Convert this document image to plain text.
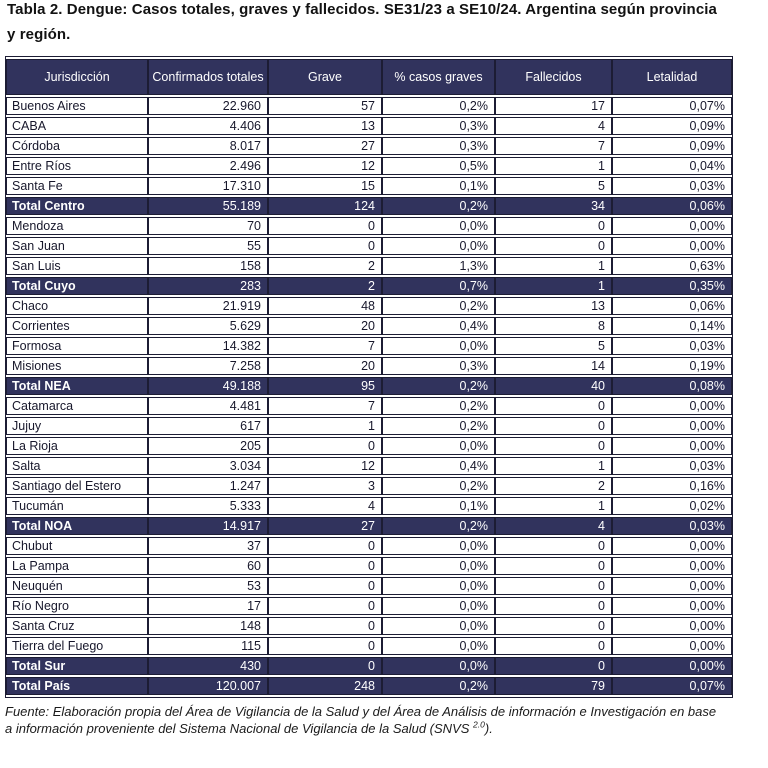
Tabla 2. Dengue: Casos totales, graves y fallecidos. SE31/23 a SE10/24. Argentina según provincia
y región.
Jurisdicción	Confirmados totales	Grave	% casos graves	Fallecidos	Letalidad
Buenos Aires	22.960	57	0,2%	17	0,07%
CABA	4.406	13	0,3%	4	0,09%
Córdoba	8.017	27	0,3%	7	0,09%
Entre Ríos	2.496	12	0,5%	1	0,04%
Santa Fe	17.310	15	0,1%	5	0,03%
Total Centro	55.189	124	0,2%	34	0,06%
Mendoza	70	0	0,0%	0	0,00%
San Juan	55	0	0,0%	0	0,00%
San Luis	158	2	1,3%	1	0,63%
Total Cuyo	283	2	0,7%	1	0,35%
Chaco	21.919	48	0,2%	13	0,06%
Corrientes	5.629	20	0,4%	8	0,14%
Formosa	14.382	7	0,0%	5	0,03%
Misiones	7.258	20	0,3%	14	0,19%
Total NEA	49.188	95	0,2%	40	0,08%
Catamarca	4.481	7	0,2%	0	0,00%
Jujuy	617	1	0,2%	0	0,00%
La Rioja	205	0	0,0%	0	0,00%
Salta	3.034	12	0,4%	1	0,03%
Santiago del Estero	1.247	3	0,2%	2	0,16%
Tucumán	5.333	4	0,1%	1	0,02%
Total NOA	14.917	27	0,2%	4	0,03%
Chubut	37	0	0,0%	0	0,00%
La Pampa	60	0	0,0%	0	0,00%
Neuquén	53	0	0,0%	0	0,00%
Río Negro	17	0	0,0%	0	0,00%
Santa Cruz	148	0	0,0%	0	0,00%
Tierra del Fuego	115	0	0,0%	0	0,00%
Total Sur	430	0	0,0%	0	0,00%
Total País	120.007	248	0,2%	79	0,07%
Fuente: Elaboración propia del Área de Vigilancia de la Salud y del Área de Análisis de información e Investigación en base
a información proveniente del Sistema Nacional de Vigilancia de la Salud (SNVS $^{2.0}$).
